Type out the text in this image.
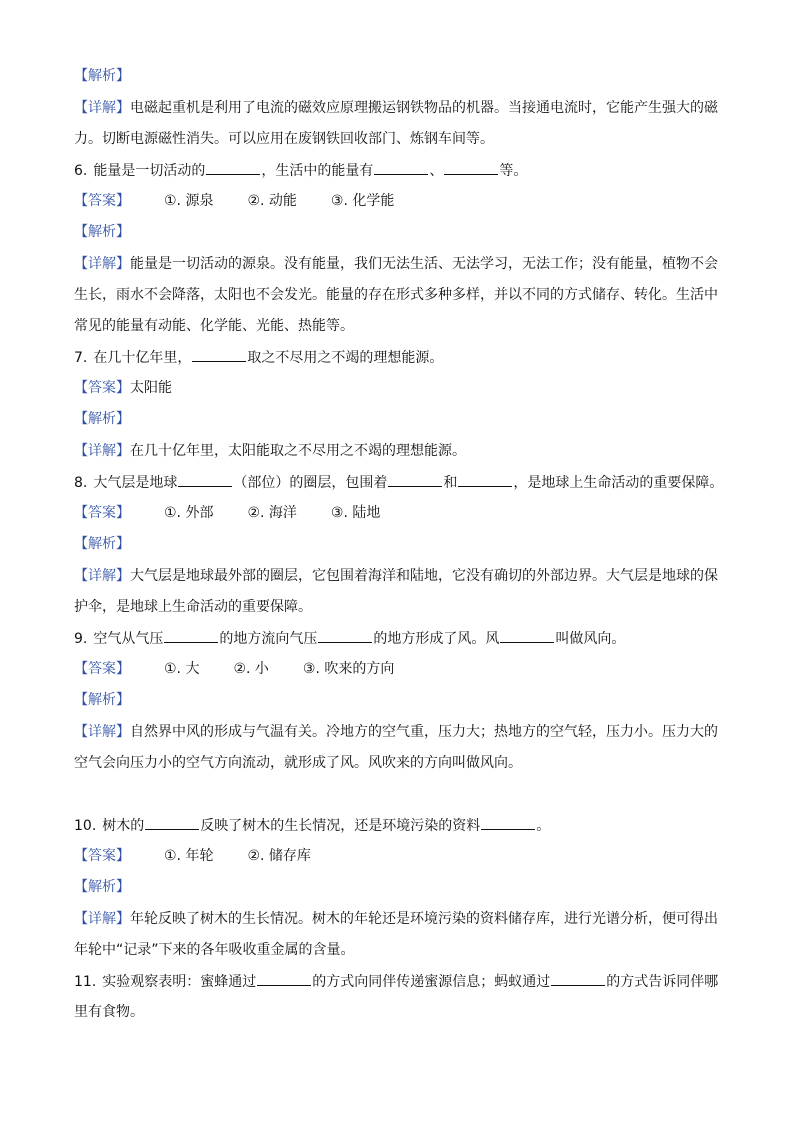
【解析】
【详解】电磁起重机是利用了电流的磁效应原理搬运钢铁物品的机器。当接通电流时，它能产生强大的磁
力。切断电源磁性消失。可以应用在废钢铁回收部门、炼钢车间等。
6. 能量是一切活动的	，生活中的能量有	、	等。
【答案】 ①. 源泉 ②. 动能 ③. 化学能
【解析】
【详解】能量是一切活动的源泉。没有能量，我们无法生活、无法学习，无法工作；没有能量，植物不会
生长，雨水不会降落，太阳也不会发光。能量的存在形式多种多样，并以不同的方式储存、转化。生活中
常见的能量有动能、化学能、光能、热能等。
7. 在几十亿年里，	取之不尽用之不竭的理想能源。
【答案】太阳能
【解析】
【详解】在几十亿年里，太阳能取之不尽用之不竭的理想能源。
8. 大气层是地球	（部位）的圈层，包围着	和	，是地球上生命活动的重要保障。
【答案】 ①. 外部 ②. 海洋 ③. 陆地
【解析】
【详解】大气层是地球最外部的圈层，它包围着海洋和陆地，它没有确切的外部边界。大气层是地球的保
护伞，是地球上生命活动的重要保障。
9. 空气从气压	的地方流向气压	的地方形成了风。风	叫做风向。
【答案】 ①. 大 ②. 小 ③. 吹来的方向
【解析】
【详解】自然界中风的形成与气温有关。冷地方的空气重，压力大；热地方的空气轻，压力小。压力大的
空气会向压力小的空气方向流动，就形成了风。风吹来的方向叫做风向。
10. 树木的	反映了树木的生长情况，还是环境污染的资料	。
【答案】 ①. 年轮 ②. 储存库
【解析】
【详解】年轮反映了树木的生长情况。树木的年轮还是环境污染的资料储存库，进行光谱分析，便可得出
年轮中“记录”下来的各年吸收重金属的含量。
11. 实验观察表明：蜜蜂通过	的方式向同伴传递蜜源信息；蚂蚁通过	的方式告诉同伴哪
里有食物。
